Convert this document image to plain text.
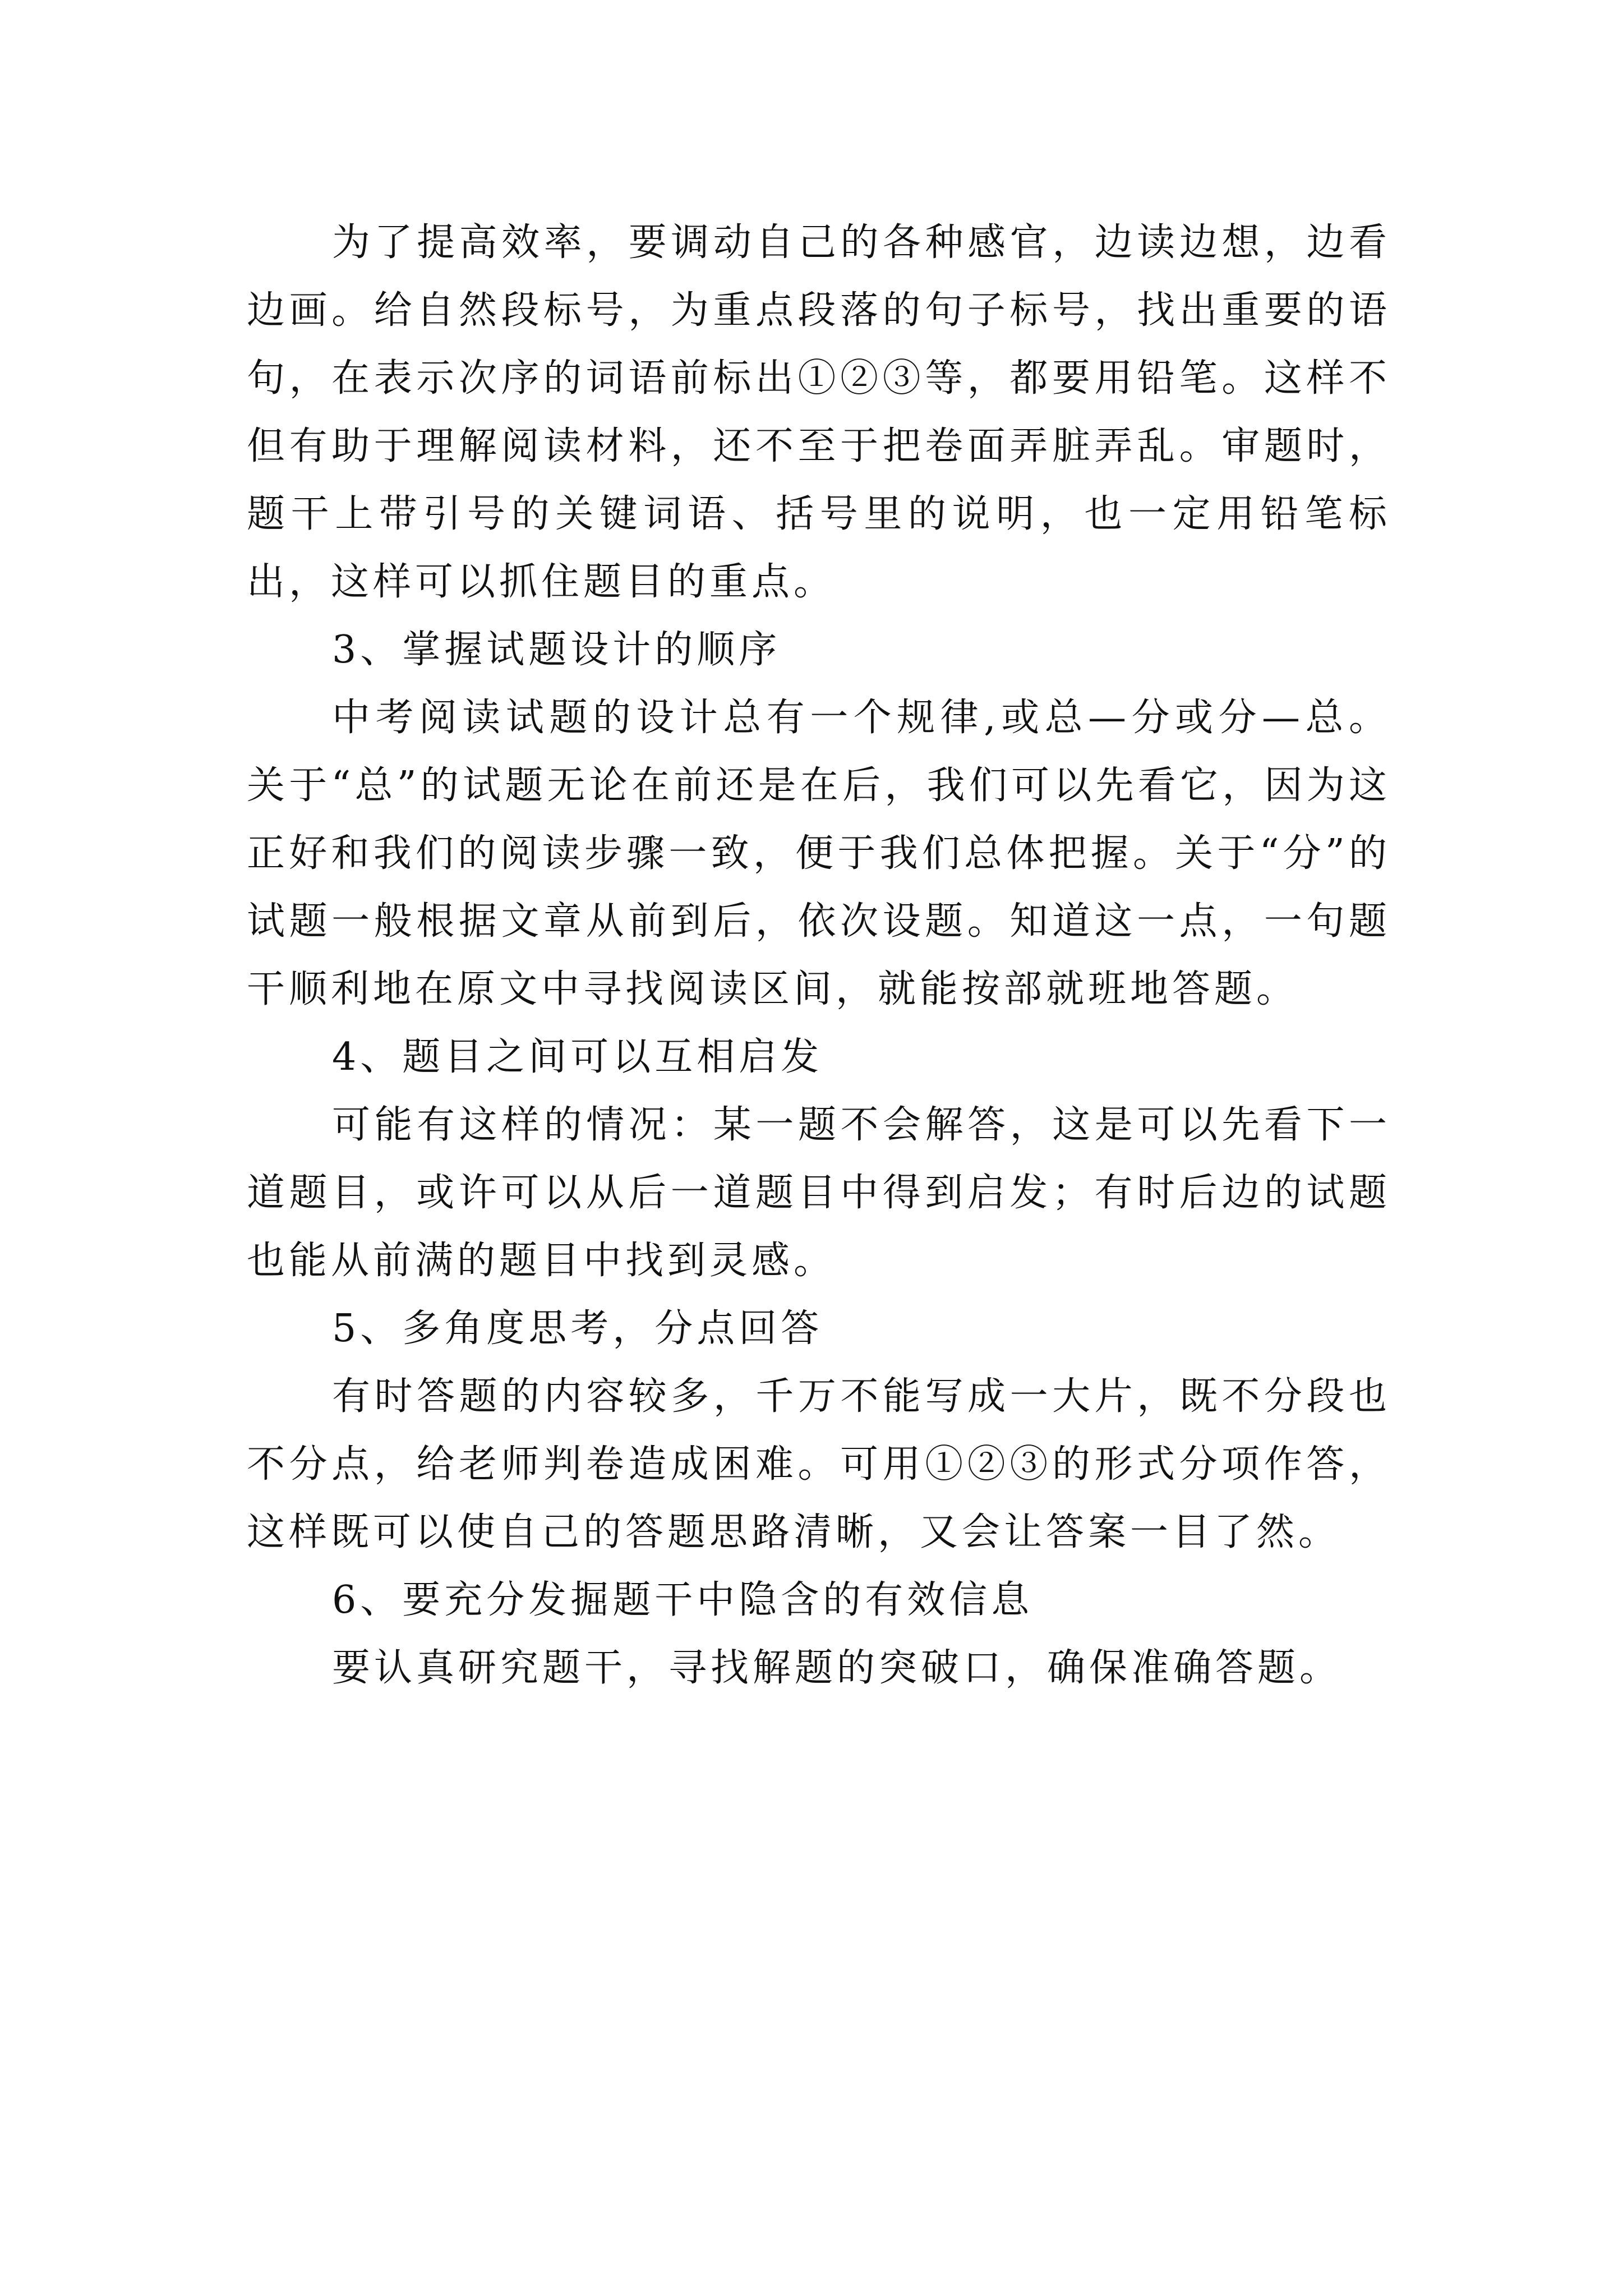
为了提高效率，要调动自己的各种感官，边读边想，边看边画。给自然段标号，为重点段落的句子标号，找出重要的语句，在表示次序的词语前标出①②③等，都要用铅笔。这样不但有助于理解阅读材料，还不至于把卷面弄脏弄乱。审题时，题干上带引号的关键词语、括号里的说明，也一定用铅笔标出，这样可以抓住题目的重点。

3、掌握试题设计的顺序

中考阅读试题的设计总有一个规律,或总—分或分—总。关于“总”的试题无论在前还是在后，我们可以先看它，因为这正好和我们的阅读步骤一致，便于我们总体把握。关于“分”的试题一般根据文章从前到后，依次设题。知道这一点，一句题干顺利地在原文中寻找阅读区间，就能按部就班地答题。

4、题目之间可以互相启发

可能有这样的情况：某一题不会解答，这是可以先看下一道题目，或许可以从后一道题目中得到启发；有时后边的试题也能从前满的题目中找到灵感。

5、多角度思考，分点回答

有时答题的内容较多，千万不能写成一大片，既不分段也不分点，给老师判卷造成困难。可用①②③的形式分项作答，这样既可以使自己的答题思路清晰，又会让答案一目了然。

6、要充分发掘题干中隐含的有效信息

要认真研究题干，寻找解题的突破口，确保准确答题。
